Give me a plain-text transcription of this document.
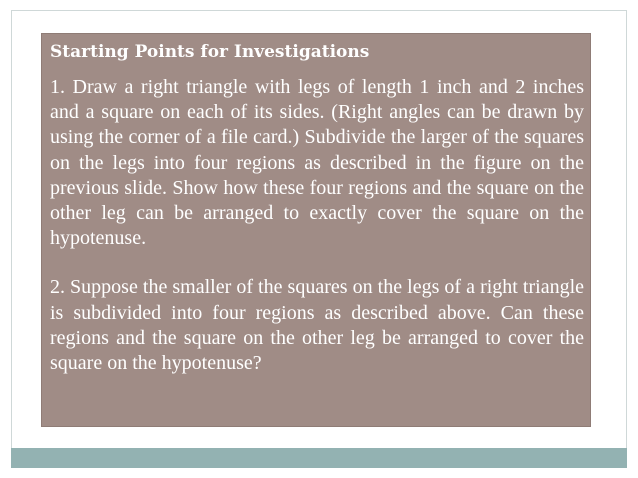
Starting Points for Investigations
1. Draw a right triangle with legs of length 1 inch and 2 inches and a square on each of its sides. (Right angles can be drawn by using the corner of a file card.) Subdivide the larger of the squares on the legs into four regions as described in the figure on the previous slide. Show how these four regions and the square on the other leg can be arranged to exactly cover the square on the hypotenuse.
2. Suppose the smaller of the squares on the legs of a right triangle is subdivided into four regions as described above. Can these regions and the square on the other leg be arranged to cover the square on the hypotenuse?
